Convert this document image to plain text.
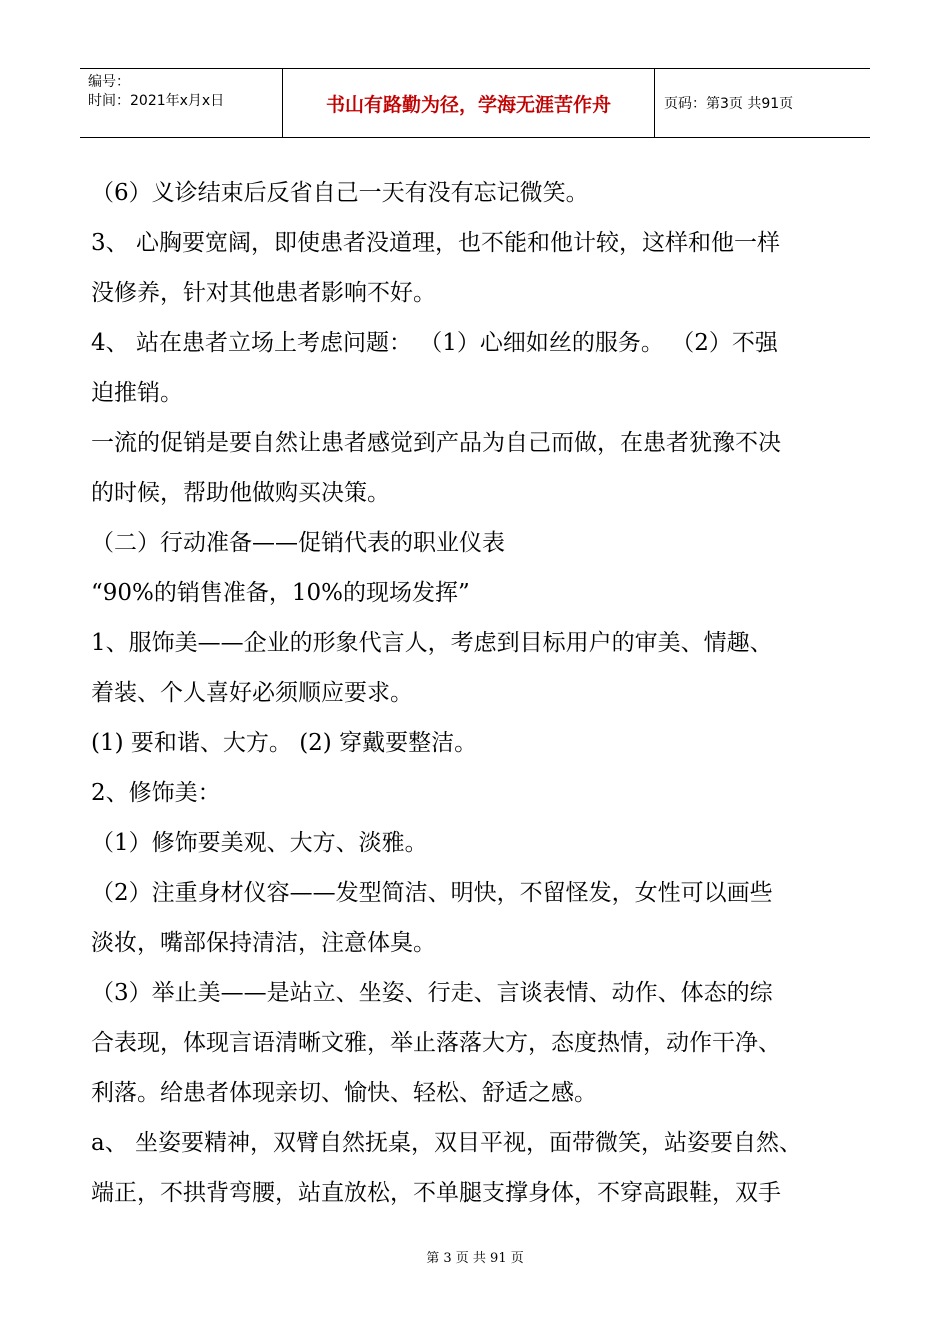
编号：
时间：2021年x月x日	书山有路勤为径，学海无涯苦作舟	页码：第3页 共91页

（6）义诊结束后反省自己一天有没有忘记微笑。

3、 心胸要宽阔，即使患者没道理，也不能和他计较，这样和他一样

没修养，针对其他患者影响不好。

4、 站在患者立场上考虑问题： （1）心细如丝的服务。 （2）不强

迫推销。

一流的促销是要自然让患者感觉到产品为自己而做，在患者犹豫不决

的时候，帮助他做购买决策。

（二）行动准备——促销代表的职业仪表

“90%的销售准备，10%的现场发挥”

1、服饰美——企业的形象代言人，考虑到目标用户的审美、情趣、

着装、个人喜好必须顺应要求。

(1) 要和谐、大方。 (2) 穿戴要整洁。

2、修饰美：

（1）修饰要美观、大方、淡雅。

（2）注重身材仪容——发型简洁、明快，不留怪发，女性可以画些

淡妆，嘴部保持清洁，注意体臭。

（3）举止美——是站立、坐姿、行走、言谈表情、动作、体态的综

合表现，体现言语清晰文雅，举止落落大方，态度热情，动作干净、

利落。给患者体现亲切、愉快、轻松、舒适之感。

a、 坐姿要精神，双臂自然抚桌，双目平视，面带微笑，站姿要自然、

端正，不拱背弯腰，站直放松，不单腿支撑身体，不穿高跟鞋，双手

第 3 页 共 91 页
